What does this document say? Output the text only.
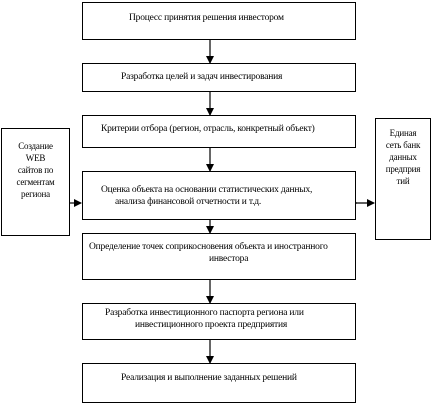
Процесс принятия решения инвестором
Разработка целей и задач инвестирования
Критерии отбора (регион, отрасль, конкретный объект)
Оценка объекта на основании статистических данных,
анализа финансовой отчетности и т.д.
Определение точек соприкосновения объекта и иностранного
инвестора
Разработка инвестиционного паспорта региона или
инвестиционного проекта предприятия
Реализация и выполнение заданных решений
Создание
WEB
сайтов по
сегментам
региона
Единая
сеть банк
данных
предприя
тий
